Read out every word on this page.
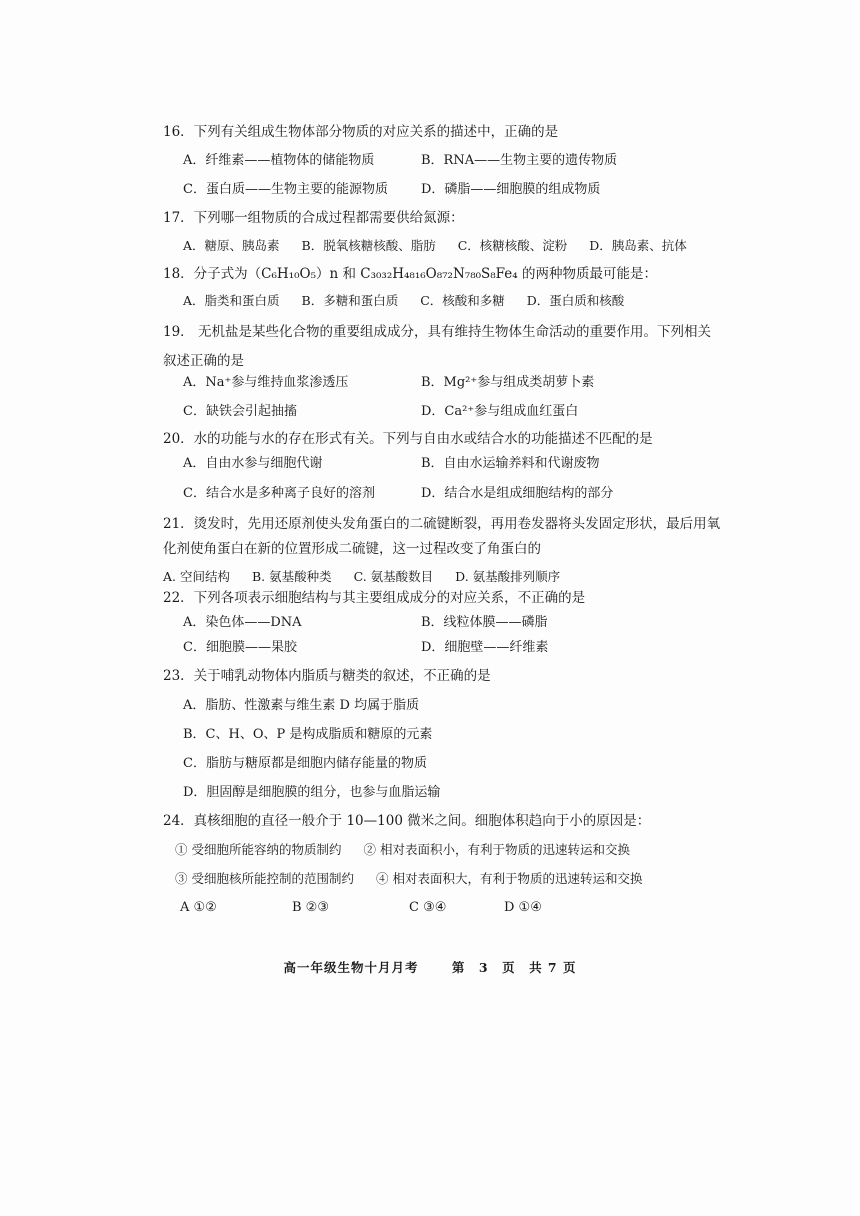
16．下列有关组成生物体部分物质的对应关系的描述中，正确的是
A．纤维素——植物体的储能物质	B．RNA——生物主要的遗传物质
C．蛋白质——生物主要的能源物质	D．磷脂——细胞膜的组成物质
17．下列哪一组物质的合成过程都需要供给氮源：
A．糖原、胰岛素 B．脱氧核糖核酸、脂肪 C．核糖核酸、淀粉 D．胰岛素、抗体
18．分子式为（C₆H₁₀O₅）n 和 C₃₀₃₂H₄₈₁₆O₈₇₂N₇₈₀S₈Fe₄ 的两种物质最可能是：
A．脂类和蛋白质 B．多糖和蛋白质 C．核酸和多糖 D．蛋白质和核酸
19． 无机盐是某些化合物的重要组成成分，具有维持生物体生命活动的重要作用。下列相关叙述正确的是
A．Na⁺参与维持血浆渗透压	B．Mg²⁺参与组成类胡萝卜素
C．缺铁会引起抽搐	D．Ca²⁺参与组成血红蛋白
20．水的功能与水的存在形式有关。下列与自由水或结合水的功能描述不匹配的是
A．自由水参与细胞代谢	B．自由水运输养料和代谢废物
C．结合水是多种离子良好的溶剂	D．结合水是组成细胞结构的部分
21．烫发时，先用还原剂使头发角蛋白的二硫键断裂，再用卷发器将头发固定形状，最后用氧化剂使角蛋白在新的位置形成二硫键，这一过程改变了角蛋白的
A. 空间结构 B. 氨基酸种类 C. 氨基酸数目 D. 氨基酸排列顺序
22．下列各项表示细胞结构与其主要组成成分的对应关系，不正确的是
A．染色体——DNA	B．线粒体膜——磷脂
C．细胞膜——果胶	D．细胞壁——纤维素
23．关于哺乳动物体内脂质与糖类的叙述，不正确的是
A．脂肪、性激素与维生素 D 均属于脂质
B．C、H、O、P 是构成脂质和糖原的元素
C．脂肪与糖原都是细胞内储存能量的物质
D．胆固醇是细胞膜的组分，也参与血脂运输
24．真核细胞的直径一般介于 10—100 微米之间。细胞体积趋向于小的原因是：
① 受细胞所能容纳的物质制约 ② 相对表面积小，有利于物质的迅速转运和交换
③ 受细胞核所能控制的范围制约 ④ 相对表面积大，有利于物质的迅速转运和交换
A ①②	B ②③	C ③④	D ①④
高一年级生物十月月考	第　3　页　共 7 页
